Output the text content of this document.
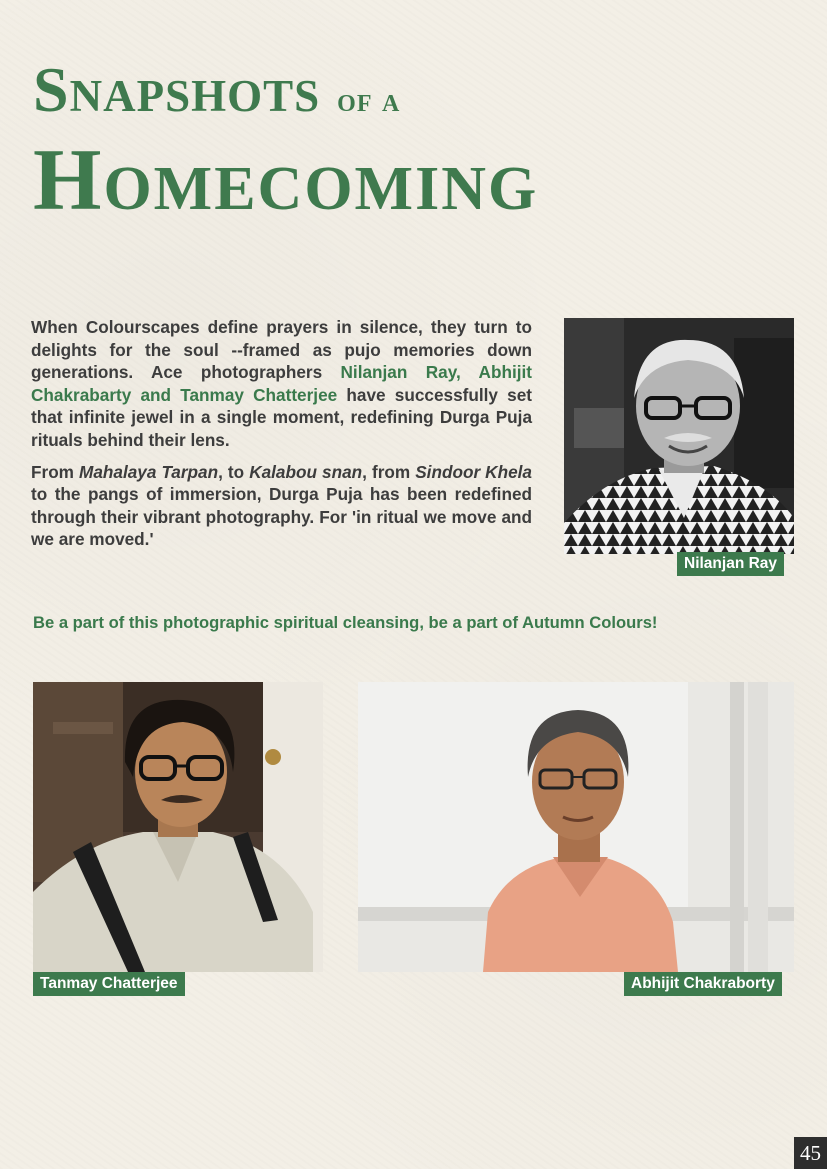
Snapshots of a
Homecoming

When Colourscapes define prayers in silence, they turn to delights for the soul --framed as pujo memories down generations. Ace photographers Nilanjan Ray, Abhijit Chakrabarty and Tanmay Chatterjee have successfully set that infinite jewel in a single moment, redefining Durga Puja rituals behind their lens.

From Mahalaya Tarpan, to Kalabou snan, from Sindoor Khela to the pangs of immersion, Durga Puja has been redefined through their vibrant photography. For 'in ritual we move and we are moved.'

Nilanjan Ray
Be a part of this photographic spiritual cleansing, be a part of Autumn Colours!
Tanmay Chatterjee	Abhijit Chakraborty
45
